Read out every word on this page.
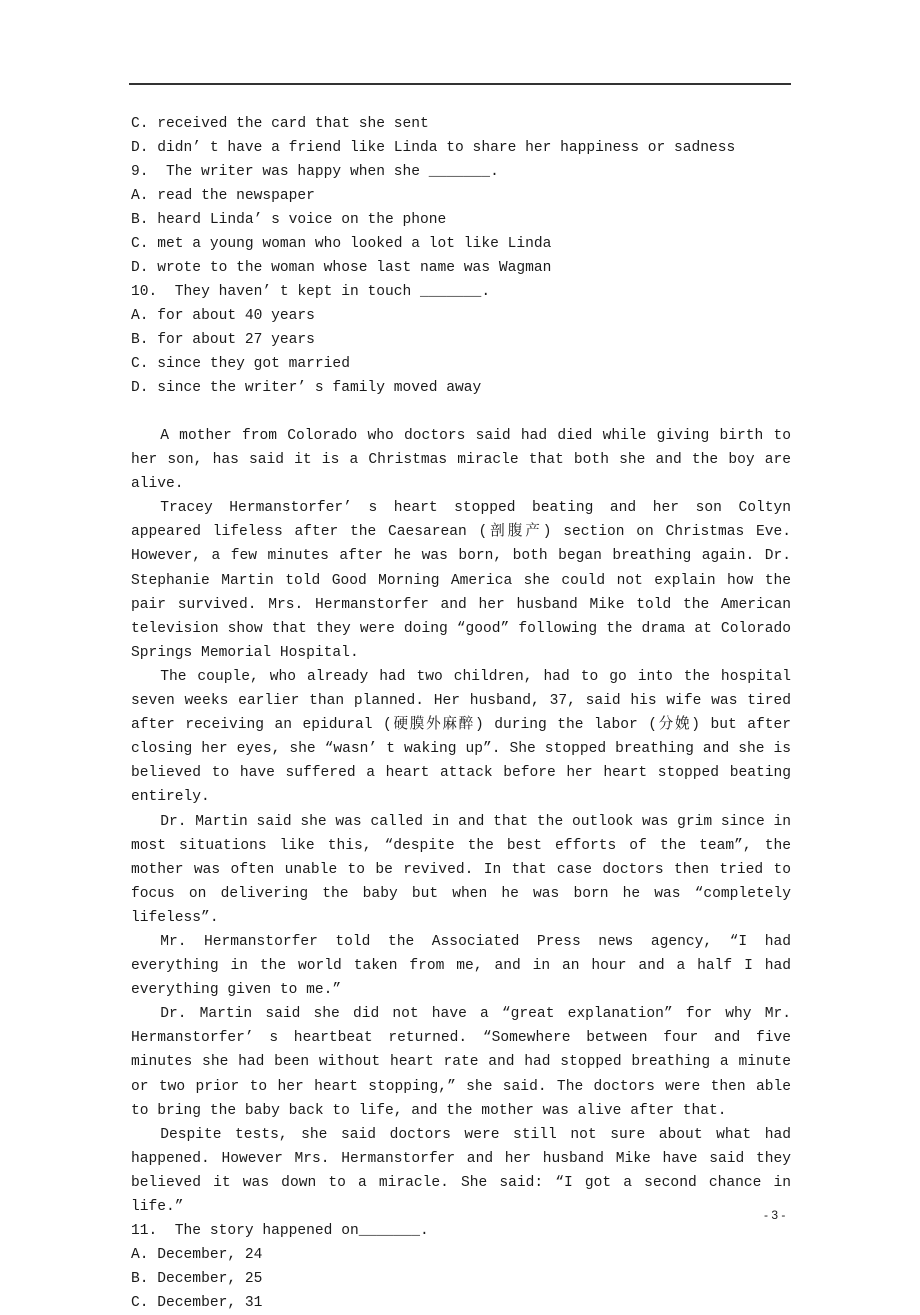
C. received the card that she sent
D. didn’ t have a friend like Linda to share her happiness or sadness
9. The writer was happy when she _______.
A. read the newspaper
B. heard Linda’ s voice on the phone
C. met a young woman who looked a lot like Linda
D. wrote to the woman whose last name was Wagman
10. They haven’ t kept in touch _______.
A. for about 40 years
B. for about 27 years
C. since they got married
D. since the writer’ s family moved away
A mother from Colorado who doctors said had died while giving birth to her son, has said it is a Christmas miracle that both she and the boy are alive.
Tracey Hermanstorfer’ s heart stopped beating and her son Coltyn appeared lifeless after the Caesarean (剖腹产) section on Christmas Eve. However, a few minutes after he was born, both began breathing again. Dr. Stephanie Martin told Good Morning America she could not explain how the pair survived. Mrs. Hermanstorfer and her husband Mike told the American television show that they were doing “good” following the drama at Colorado Springs Memorial Hospital.
The couple, who already had two children, had to go into the hospital seven weeks earlier than planned. Her husband, 37, said his wife was tired after receiving an epidural (硬膜外麻醉) during the labor (分娩) but after closing her eyes, she “wasn’ t waking up”. She stopped breathing and she is believed to have suffered a heart attack before her heart stopped beating entirely.
Dr. Martin said she was called in and that the outlook was grim since in most situations like this, “despite the best efforts of the team”, the mother was often unable to be revived. In that case doctors then tried to focus on delivering the baby but when he was born he was “completely lifeless”.
Mr. Hermanstorfer told the Associated Press news agency, “I had everything in the world taken from me, and in an hour and a half I had everything given to me.”
Dr. Martin said she did not have a “great explanation” for why Mr. Hermanstorfer’ s heartbeat returned. “Somewhere between four and five minutes she had been without heart rate and had stopped breathing a minute or two prior to her heart stopping,” she said. The doctors were then able to bring the baby back to life, and the mother was alive after that.
Despite tests, she said doctors were still not sure about what had happened. However Mrs. Hermanstorfer and her husband Mike have said they believed it was down to a miracle. She said: “I got a second chance in life.”
11. The story happened on_______.
A. December, 24
B. December, 25
C. December, 31
- 3 -
